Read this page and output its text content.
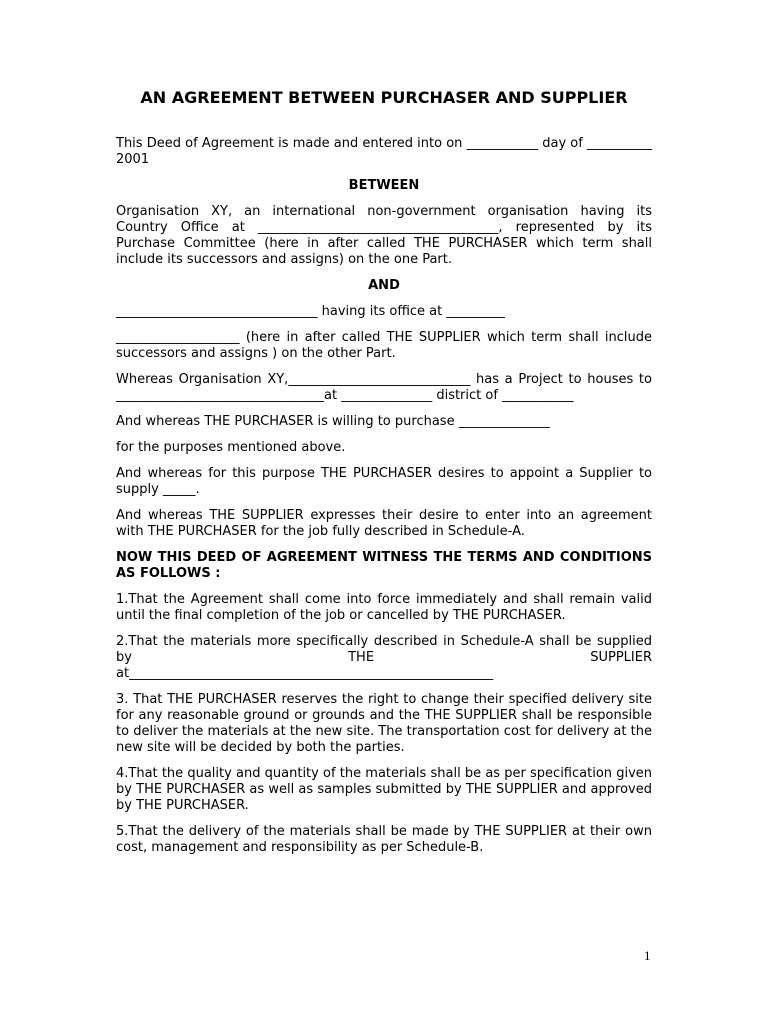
AN AGREEMENT BETWEEN PURCHASER AND SUPPLIER

This Deed of Agreement is made and entered into on ___________ day of __________ 2001

BETWEEN

Organisation XY, an international non-government organisation having its Country Office at _____________________________________, represented by its Purchase Committee (here in after called THE PURCHASER which term shall include its successors and assigns) on the one Part.

AND

_______________________________ having its office at _________

___________________ (here in after called THE SUPPLIER which term shall include successors and assigns ) on the other Part.

Whereas Organisation XY,____________________________ has a Project to houses to ________________________________at ______________ district of ___________

And whereas THE PURCHASER is willing to purchase ______________

for the purposes mentioned above.

And whereas for this purpose THE PURCHASER desires to appoint a Supplier to supply _____.

And whereas THE SUPPLIER expresses their desire to enter into an agreement with THE PURCHASER for the job fully described in Schedule-A.

NOW THIS DEED OF AGREEMENT WITNESS THE TERMS AND CONDITIONS AS FOLLOWS :

1.That the Agreement shall come into force immediately and shall remain valid until the final completion of the job or cancelled by THE PURCHASER.

2.That the materials more specifically described in Schedule-A shall be supplied by THE SUPPLIER

at________________________________________________________

3. That THE PURCHASER reserves the right to change their specified delivery site for any reasonable ground or grounds and the THE SUPPLIER shall be responsible to deliver the materials at the new site. The transportation cost for delivery at the new site will be decided by both the parties.

4.That the quality and quantity of the materials shall be as per specification given by THE PURCHASER as well as samples submitted by THE SUPPLIER and approved by THE PURCHASER.

5.That the delivery of the materials shall be made by THE SUPPLIER at their own cost, management and responsibility as per Schedule-B.

1
